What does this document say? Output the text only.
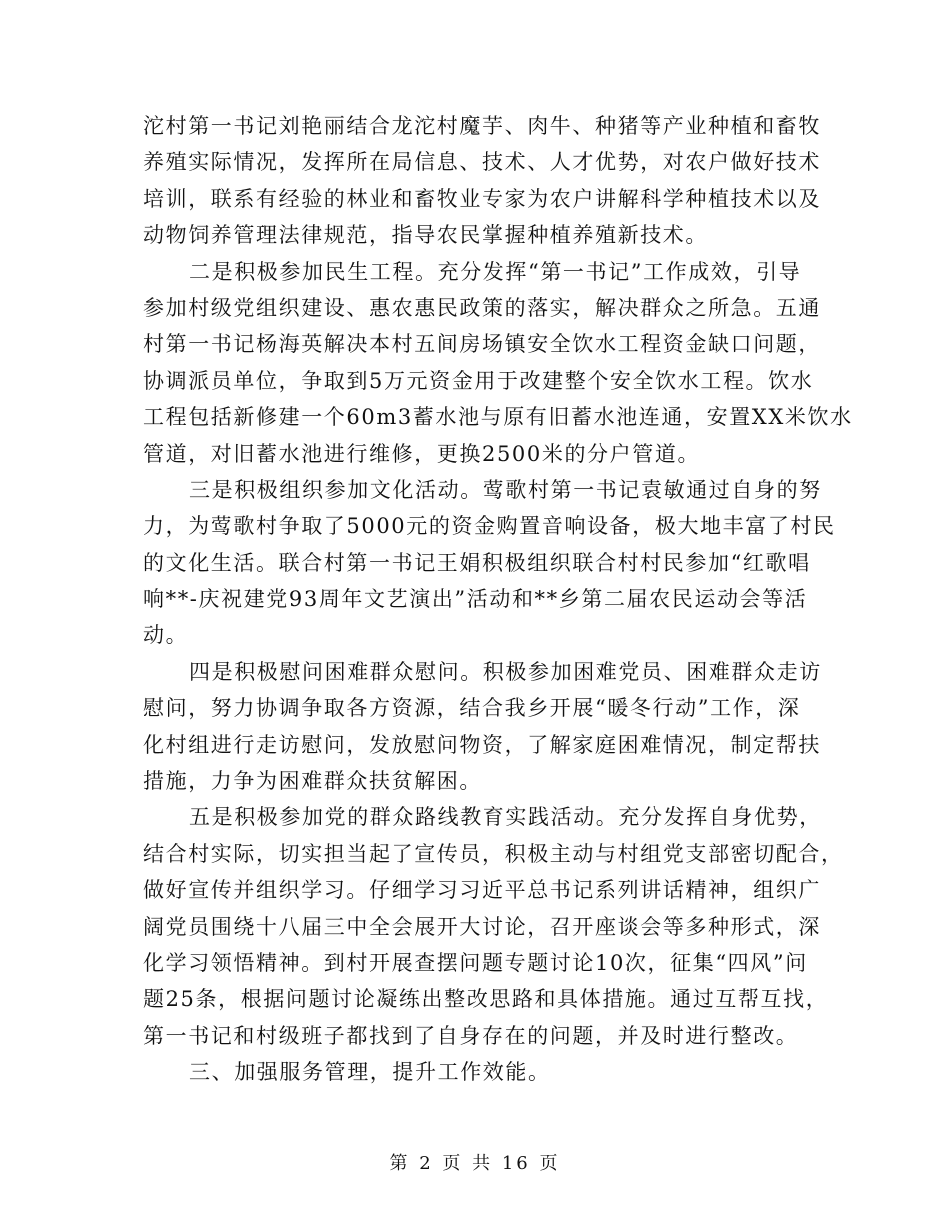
沱村第一书记刘艳丽结合龙沱村魔芋、肉牛、种猪等产业种植和畜牧
养殖实际情况，发挥所在局信息、技术、人才优势，对农户做好技术
培训，联系有经验的林业和畜牧业专家为农户讲解科学种植技术以及
动物饲养管理法律规范，指导农民掌握种植养殖新技术。
二是积极参加民生工程。充分发挥“第一书记”工作成效，引导
参加村级党组织建设、惠农惠民政策的落实，解决群众之所急。五通
村第一书记杨海英解决本村五间房场镇安全饮水工程资金缺口问题，
协调派员单位，争取到5万元资金用于改建整个安全饮水工程。饮水
工程包括新修建一个60m3蓄水池与原有旧蓄水池连通，安置XX米饮水
管道，对旧蓄水池进行维修，更换2500米的分户管道。
三是积极组织参加文化活动。莺歌村第一书记袁敏通过自身的努
力，为莺歌村争取了5000元的资金购置音响设备，极大地丰富了村民
的文化生活。联合村第一书记王娟积极组织联合村村民参加“红歌唱
响**-庆祝建党93周年文艺演出”活动和**乡第二届农民运动会等活
动。
四是积极慰问困难群众慰问。积极参加困难党员、困难群众走访
慰问，努力协调争取各方资源，结合我乡开展“暖冬行动”工作，深
化村组进行走访慰问，发放慰问物资，了解家庭困难情况，制定帮扶
措施，力争为困难群众扶贫解困。
五是积极参加党的群众路线教育实践活动。充分发挥自身优势，
结合村实际，切实担当起了宣传员，积极主动与村组党支部密切配合，
做好宣传并组织学习。仔细学习习近平总书记系列讲话精神，组织广
阔党员围绕十八届三中全会展开大讨论，召开座谈会等多种形式，深
化学习领悟精神。到村开展查摆问题专题讨论10次，征集“四风”问
题25条，根据问题讨论凝练出整改思路和具体措施。通过互帮互找，
第一书记和村级班子都找到了自身存在的问题，并及时进行整改。
三、加强服务管理，提升工作效能。
第 2 页 共 16 页
